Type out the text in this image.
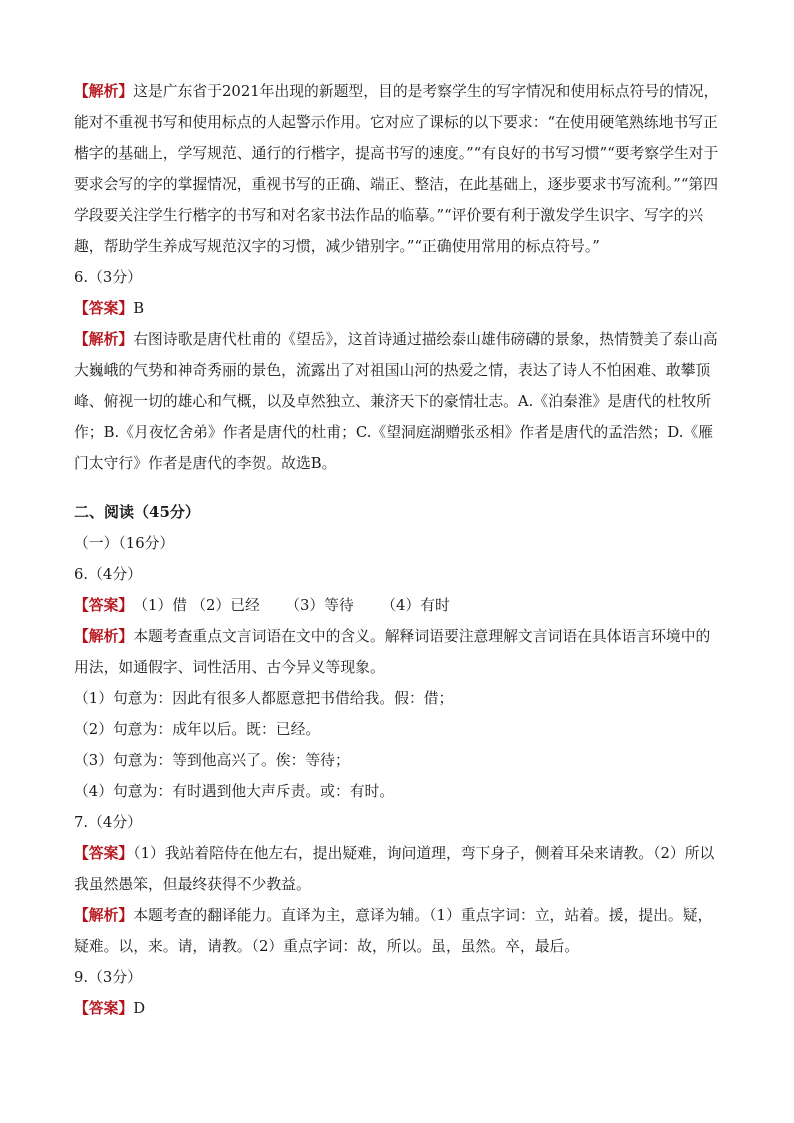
【解析】这是广东省于2021年出现的新题型，目的是考察学生的写字情况和使用标点符号的情况，能对不重视书写和使用标点的人起警示作用。它对应了课标的以下要求：“在使用硬笔熟练地书写正楷字的基础上，学写规范、通行的行楷字，提高书写的速度。”“有良好的书写习惯”“要考察学生对于要求会写的字的掌握情况，重视书写的正确、端正、整洁，在此基础上，逐步要求书写流利。”“第四学段要关注学生行楷字的书写和对名家书法作品的临摹。”“评价要有利于激发学生识字、写字的兴趣，帮助学生养成写规范汉字的习惯，减少错别字。”“正确使用常用的标点符号。”

6.（3分）

【答案】B

【解析】右图诗歌是唐代杜甫的《望岳》，这首诗通过描绘泰山雄伟磅礴的景象，热情赞美了泰山高大巍峨的气势和神奇秀丽的景色，流露出了对祖国山河的热爱之情，表达了诗人不怕困难、敢攀顶峰、俯视一切的雄心和气概，以及卓然独立、兼济天下的豪情壮志。A.《泊秦淮》是唐代的杜牧所作；B.《月夜忆舍弟》作者是唐代的杜甫；C.《望洞庭湖赠张丞相》作者是唐代的孟浩然；D.《雁门太守行》作者是唐代的李贺。故选B。

二、阅读（45分）

（一）（16分）

6.（4分）

【答案】（1）借 （2）已经 （3）等待 （4）有时

【解析】本题考查重点文言词语在文中的含义。解释词语要注意理解文言词语在具体语言环境中的用法，如通假字、词性活用、古今异义等现象。

（1）句意为：因此有很多人都愿意把书借给我。假：借；

（2）句意为：成年以后。既：已经。

（3）句意为：等到他高兴了。俟：等待；

（4）句意为：有时遇到他大声斥责。或：有时。

7.（4分）

【答案】（1）我站着陪侍在他左右，提出疑难，询问道理，弯下身子，侧着耳朵来请教。（2）所以我虽然愚笨，但最终获得不少教益。

【解析】本题考查的翻译能力。直译为主，意译为辅。（1）重点字词：立，站着。援，提出。疑，疑难。以，来。请，请教。（2）重点字词：故，所以。虽，虽然。卒，最后。

9.（3分）

【答案】D
